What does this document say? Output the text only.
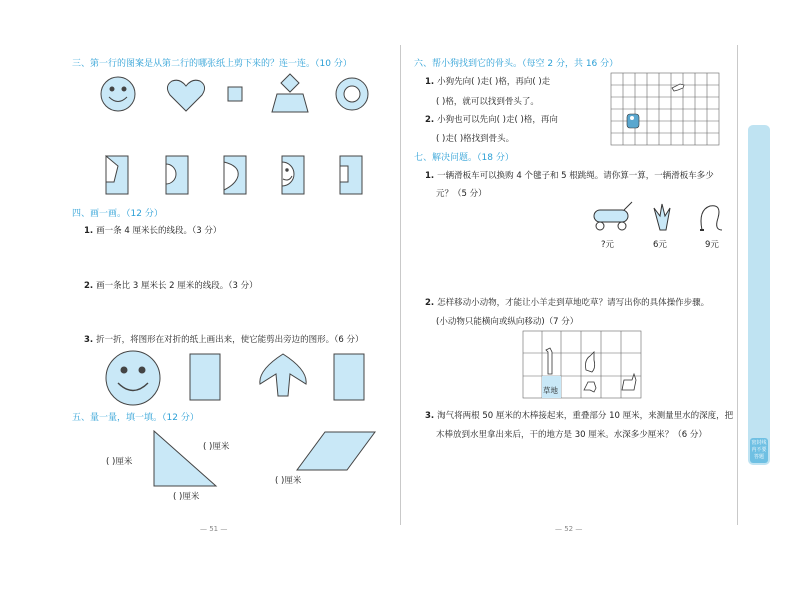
三、第一行的图案是从第二行的哪张纸上剪下来的？连一连。（10 分）
四、画一画。（12 分）
1. 画一条 4 厘米长的线段。（3 分）
2. 画一条比 3 厘米长 2 厘米的线段。（3 分）
3. 折一折，将图形在对折的纸上画出来，使它能剪出旁边的图形。（6 分）
五、量一量，填一填。（12 分）
( )厘米
( )厘米
( )厘米
( )厘米
— 51 —
六、帮小狗找到它的骨头。（每空 2 分，共 16 分）
1. 小狗先向( )走( )格，再向( )走
( )格，就可以找到骨头了。
2. 小狗也可以先向( )走( )格，再向
( )走( )格找到骨头。
七、解决问题。（18 分）
1. 一辆滑板车可以换购 4 个毽子和 5 根跳绳。请你算一算，一辆滑板车多少
元？（5 分）
?元	6元	9元
2. 怎样移动小动物，才能让小羊走到草地吃草？请写出你的具体操作步骤。
(小动物只能横向或纵向移动)（7 分）
草地
3. 淘气将两根 50 厘米的木棒接起来，重叠部分 10 厘米，来测量里水的深度，把
木棒放到水里拿出来后，干的地方是 30 厘米。水深多少厘米？（6 分）
— 52 —
密封线内不要答题
